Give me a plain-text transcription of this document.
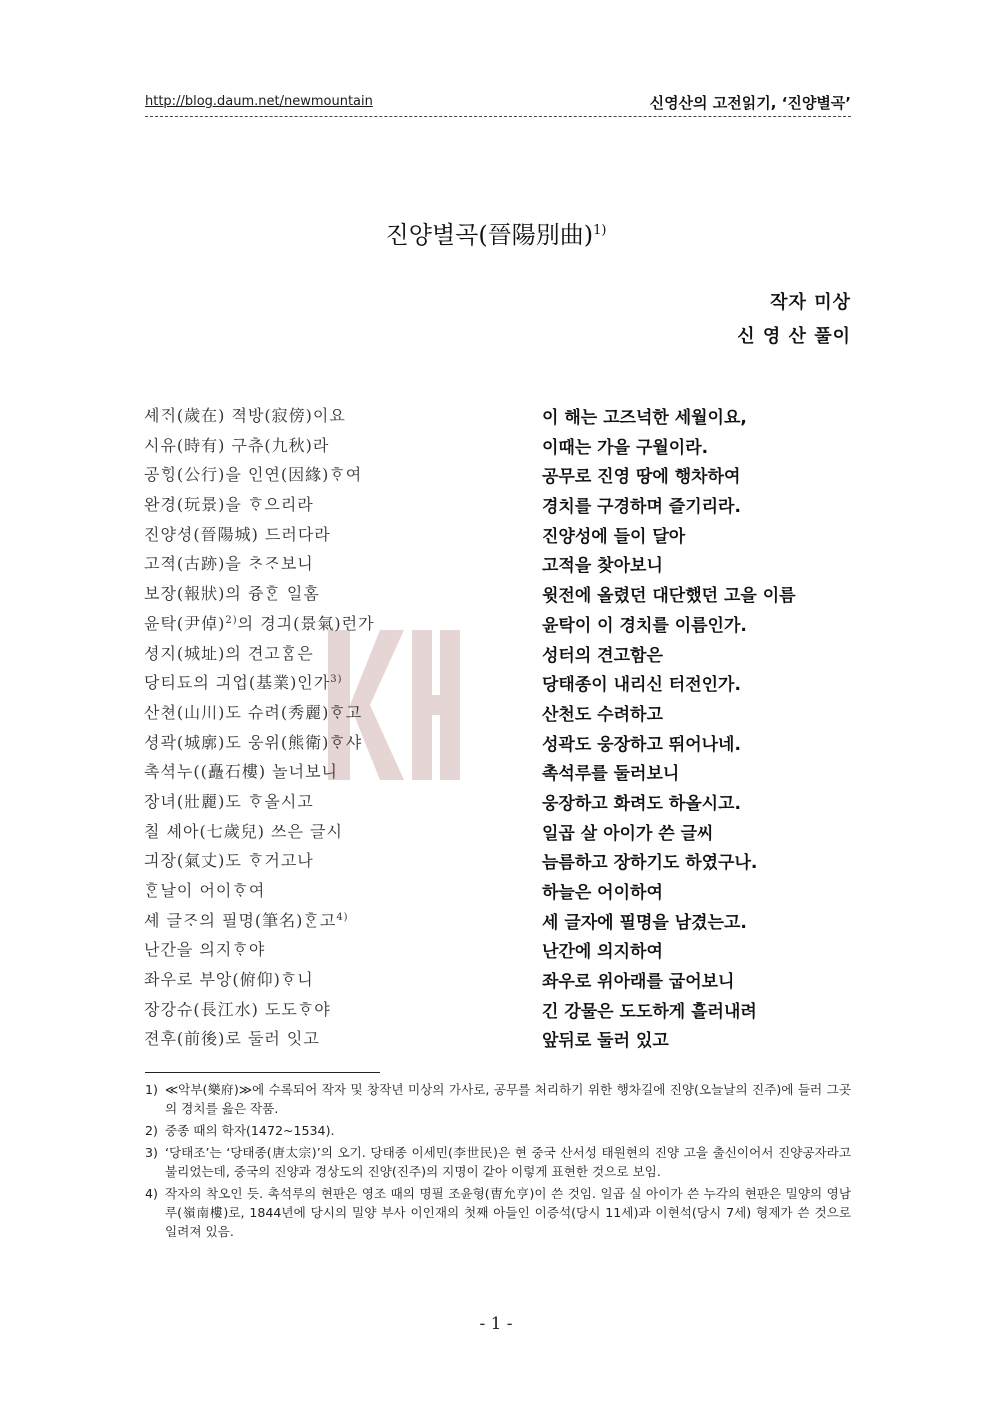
http://blog.daum.net/newmountain	신영산의 고전읽기, ‘진양별곡’
진양별곡(晉陽別曲)$^{1)}$
작자 미상
신 영 산 풀이
셰ᄌᆡ(歲在) 젹방(寂傍)이요	이 해는 고즈넉한 세월이요,
시유(時有) 구츄(九秋)라	이때는 가을 구월이라.
공ᄒᆡᆼ(公行)을 인연(因緣)ᄒᆞ여	공무로 진영 땅에 행차하여
완경(玩景)을 ᄒᆞ으리라	경치를 구경하며 즐기리라.
진양셩(晉陽城) 드러다라	진양성에 들이 달아
고젹(古跡)을 ᄎᆞᄌᆞ보니	고적을 찾아보니
보장(報狀)의 즁ᄒᆞᆫ 일홈	윗전에 올렸던 대단했던 고을 이름
윤탁(尹倬)$^{2)}$의 경긔(景氣)런가	윤탁이 이 경치를 이름인가.
셩지(城址)의 견고ᄒᆞᆷ은	성터의 견고함은
당티됴의 긔업(基業)인가$^{3)}$	당태종이 내리신 터전인가.
산쳔(山川)도 슈려(秀麗)ᄒᆞ고	산천도 수려하고
셩곽(城廓)도 웅위(熊衛)ᄒᆞ샤	성곽도 웅장하고 뛰어나네.
촉셕누((矗石樓) 놀너보니	촉석루를 둘러보니
장녀(壯麗)도 ᄒᆞ올시고	웅장하고 화려도 하올시고.
칠 셰아(七歲兒) 쓰은 글시	일곱 살 아이가 쓴 글씨
긔장(氣丈)도 ᄒᆞ거고나	늠름하고 장하기도 하였구나.
ᄒᆞᆫ날이 어이ᄒᆞ여	하늘은 어이하여
셰 글ᄌᆞ의 필명(筆名)ᄒᆞᆫ고$^{4)}$	세 글자에 필명을 남겼는고.
난간을 의지ᄒᆞ야	난간에 의지하여
좌우로 부앙(俯仰)ᄒᆞ니	좌우로 위아래를 굽어보니
장강슈(長江水) 도도ᄒᆞ야	긴 강물은 도도하게 흘러내려
젼후(前後)로 둘러 잇고	앞뒤로 둘러 있고
1) ≪악부(樂府)≫에 수록되어 작자 및 창작년 미상의 가사로, 공무를 처리하기 위한 행차길에 진양(오늘날의 진주)에 들러 그곳의 경치를 읊은 작품.
2) 중종 때의 학자(1472~1534).
3) ‘당태조’는 ‘당태종(唐太宗)’의 오기. 당태종 이세민(李世民)은 현 중국 산서성 태원현의 진양 고을 출신이어서 진양공자라고 불리었는데, 중국의 진양과 경상도의 진양(진주)의 지명이 같아 이렇게 표현한 것으로 보임.
4) 작자의 착오인 듯. 촉석루의 현판은 영조 때의 명필 조윤형(曺允亨)이 쓴 것임. 일곱 실 아이가 쓴 누각의 현판은 밀양의 영남루(嶺南樓)로, 1844년에 당시의 밀양 부사 이인재의 첫째 아들인 이증석(당시 11세)과 이현석(당시 7세) 형제가 쓴 것으로 일려져 있음.
- 1 -
